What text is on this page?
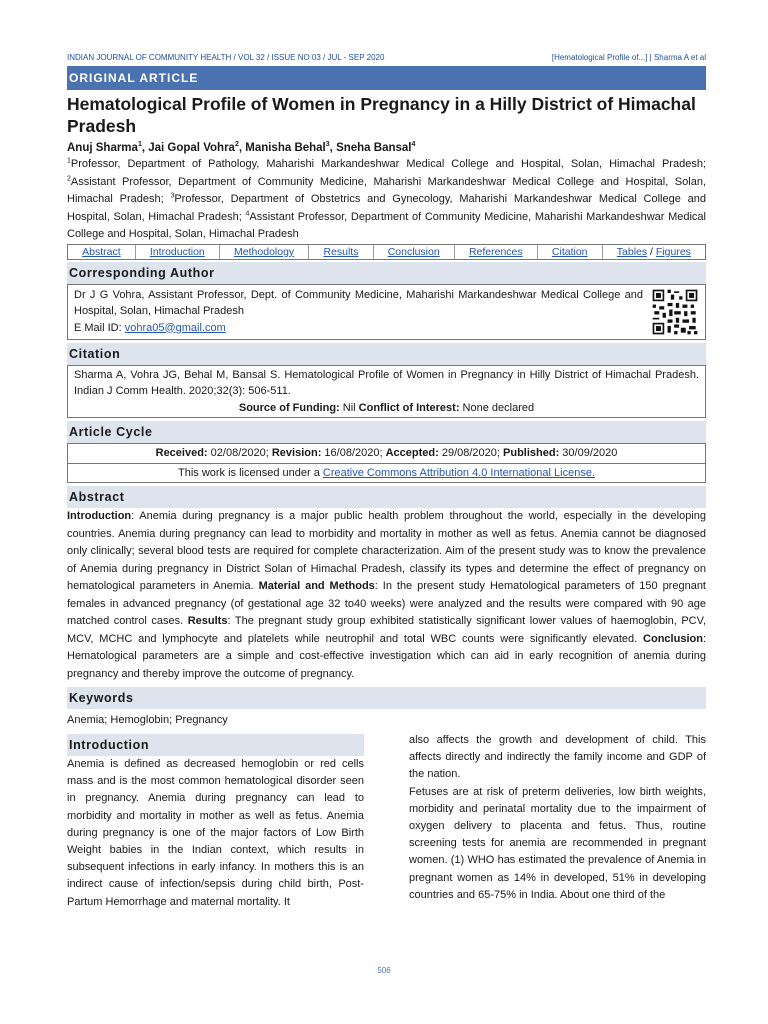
INDIAN JOURNAL OF COMMUNITY HEALTH / VOL 32 / ISSUE NO 03 / JUL - SEP 2020	[Hematological Profile of...] | Sharma A et al
ORIGINAL ARTICLE
Hematological Profile of Women in Pregnancy in a Hilly District of Himachal Pradesh
Anuj Sharma$^1$, Jai Gopal Vohra$^2$, Manisha Behal$^3$, Sneha Bansal$^4$
$^1$Professor, Department of Pathology, Maharishi Markandeshwar Medical College and Hospital, Solan, Himachal Pradesh; $^2$Assistant Professor, Department of Community Medicine, Maharishi Markandeshwar Medical College and Hospital, Solan, Himachal Pradesh; $^3$Professor, Department of Obstetrics and Gynecology, Maharishi Markandeshwar Medical College and Hospital, Solan, Himachal Pradesh; $^4$Assistant Professor, Department of Community Medicine, Maharishi Markandeshwar Medical College and Hospital, Solan, Himachal Pradesh
Abstract	Introduction	Methodology	Results	Conclusion	References	Citation	Tables / Figures
Corresponding Author
Dr J G Vohra, Assistant Professor, Dept. of Community Medicine, Maharishi Markandeshwar Medical College and Hospital, Solan, Himachal Pradesh
E Mail ID: vohra05@gmail.com
Citation
Sharma A, Vohra JG, Behal M, Bansal S. Hematological Profile of Women in Pregnancy in Hilly District of Himachal Pradesh. Indian J Comm Health. 2020;32(3): 506-511.
Source of Funding: Nil Conflict of Interest: None declared
Article Cycle
Received: 02/08/2020; Revision: 16/08/2020; Accepted: 29/08/2020; Published: 30/09/2020
This work is licensed under a Creative Commons Attribution 4.0 International License.
Abstract
Introduction: Anemia during pregnancy is a major public health problem throughout the world, especially in the developing countries. Anemia during pregnancy can lead to morbidity and mortality in mother as well as fetus. Anemia cannot be diagnosed only clinically; several blood tests are required for complete characterization. Aim of the present study was to know the prevalence of Anemia during pregnancy in District Solan of Himachal Pradesh, classify its types and determine the effect of pregnancy on hematological parameters in Anemia. Material and Methods: In the present study Hematological parameters of 150 pregnant females in advanced pregnancy (of gestational age 32 to40 weeks) were analyzed and the results were compared with 90 age matched control cases. Results: The pregnant study group exhibited statistically significant lower values of haemoglobin, PCV, MCV, MCHC and lymphocyte and platelets while neutrophil and total WBC counts were significantly elevated. Conclusion: Hematological parameters are a simple and cost-effective investigation which can aid in early recognition of anemia during pregnancy and thereby improve the outcome of pregnancy.
Keywords
Anemia; Hemoglobin; Pregnancy
Introduction

Anemia is defined as decreased hemoglobin or red cells mass and is the most common hematological disorder seen in pregnancy. Anemia during pregnancy can lead to morbidity and mortality in mother as well as fetus. Anemia during pregnancy is one of the major factors of Low Birth Weight babies in the Indian context, which results in subsequent infections in early infancy. In mothers this is an indirect cause of infection/sepsis during child birth, Post-Partum Hemorrhage and maternal mortality. It

also affects the growth and development of child. This affects directly and indirectly the family income and GDP of the nation.

Fetuses are at risk of preterm deliveries, low birth weights, morbidity and perinatal mortality due to the impairment of oxygen delivery to placenta and fetus. Thus, routine screening tests for anemia are recommended in pregnant women. (1) WHO has estimated the prevalence of Anemia in pregnant women as 14% in developed, 51% in developing countries and 65-75% in India. About one third of the

506
